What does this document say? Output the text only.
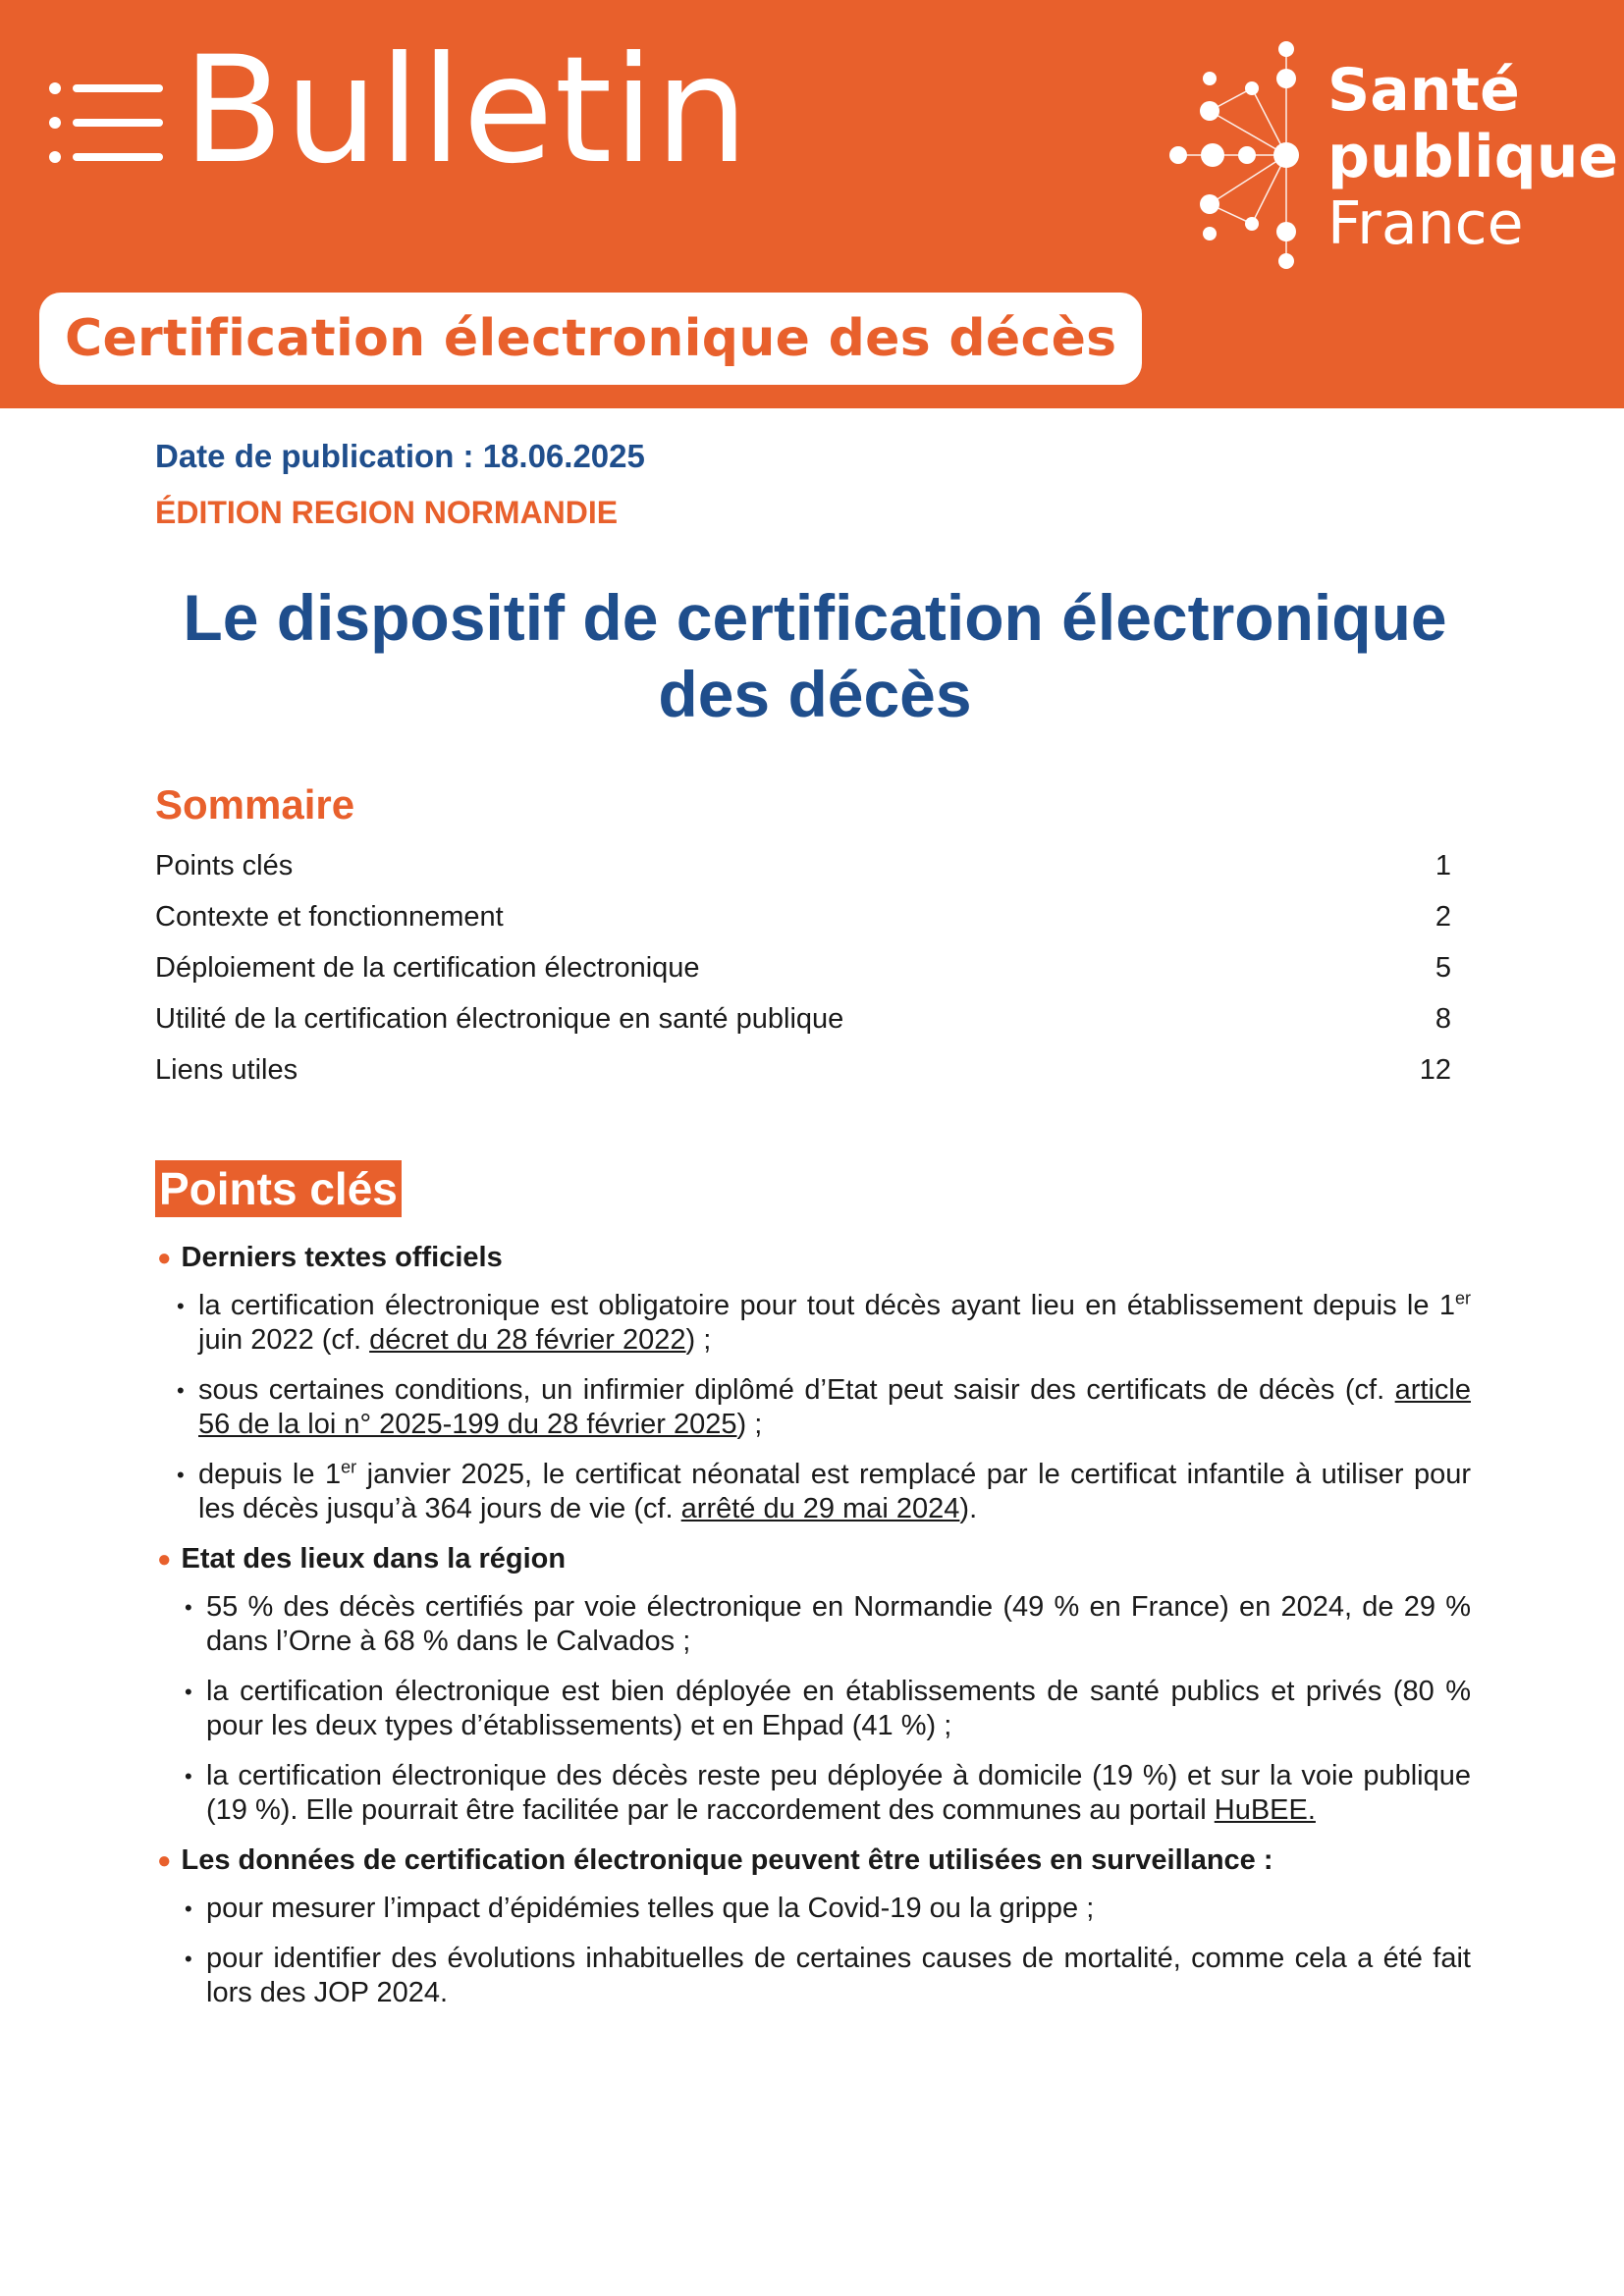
Bulletin	Santé
publique
France
Certification électronique des décès
Date de publication : 18.06.2025
ÉDITION REGION NORMANDIE
Le dispositif de certification électronique
des décès
Sommaire
Points clés	1
Contexte et fonctionnement	2
Déploiement de la certification électronique	5
Utilité de la certification électronique en santé publique	8
Liens utiles	12
Points clés
● Derniers textes officiels
• la certification électronique est obligatoire pour tout décès ayant lieu en établissement depuis le 1er juin 2022 (cf. décret du 28 février 2022) ;
• sous certaines conditions, un infirmier diplômé d’Etat peut saisir des certificats de décès (cf. article 56 de la loi n° 2025-199 du 28 février 2025) ;
• depuis le 1er janvier 2025, le certificat néonatal est remplacé par le certificat infantile à utiliser pour les décès jusqu’à 364 jours de vie (cf. arrêté du 29 mai 2024).
● Etat des lieux dans la région
• 55 % des décès certifiés par voie électronique en Normandie (49 % en France) en 2024, de 29 % dans l’Orne à 68 % dans le Calvados ;
• la certification électronique est bien déployée en établissements de santé publics et privés (80 % pour les deux types d’établissements) et en Ehpad (41 %) ;
• la certification électronique des décès reste peu déployée à domicile (19 %) et sur la voie publique (19 %). Elle pourrait être facilitée par le raccordement des communes au portail HuBEE.
● Les données de certification électronique peuvent être utilisées en surveillance :
• pour mesurer l’impact d’épidémies telles que la Covid-19 ou la grippe ;
• pour identifier des évolutions inhabituelles de certaines causes de mortalité, comme cela a été fait lors des JOP 2024.
